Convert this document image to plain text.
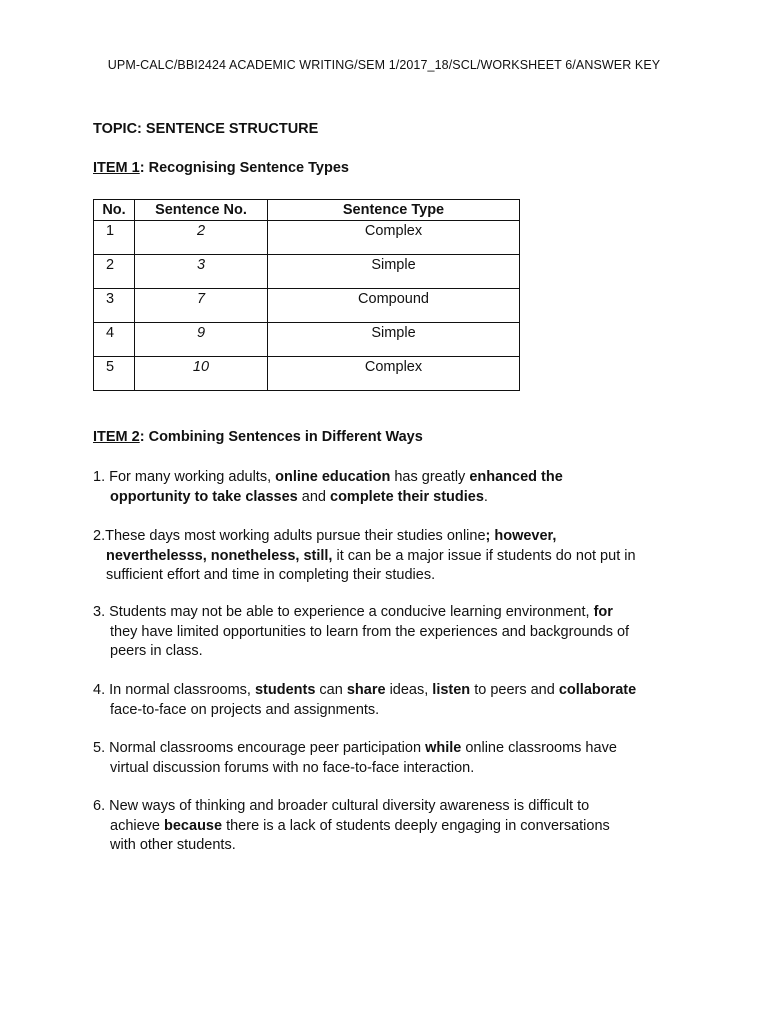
UPM-CALC/BBI2424 ACADEMIC WRITING/SEM 1/2017_18/SCL/WORKSHEET 6/ANSWER KEY
TOPIC: SENTENCE STRUCTURE
ITEM 1: Recognising Sentence Types
No.	Sentence No.	Sentence Type
1	2	Complex
2	3	Simple
3	7	Compound
4	9	Simple
5	10	Complex
ITEM 2: Combining Sentences in Different Ways
1. For many working adults, online education has greatly enhanced the
opportunity to take classes and complete their studies.
2.These days most working adults pursue their studies online; however,
neverthelesss, nonetheless, still, it can be a major issue if students do not put in
sufficient effort and time in completing their studies.
3. Students may not be able to experience a conducive learning environment, for
they have limited opportunities to learn from the experiences and backgrounds of
peers in class.
4. In normal classrooms, students can share ideas, listen to peers and collaborate
face-to-face on projects and assignments.
5. Normal classrooms encourage peer participation while online classrooms have
virtual discussion forums with no face-to-face interaction.
6. New ways of thinking and broader cultural diversity awareness is difficult to
achieve because there is a lack of students deeply engaging in conversations
with other students.
